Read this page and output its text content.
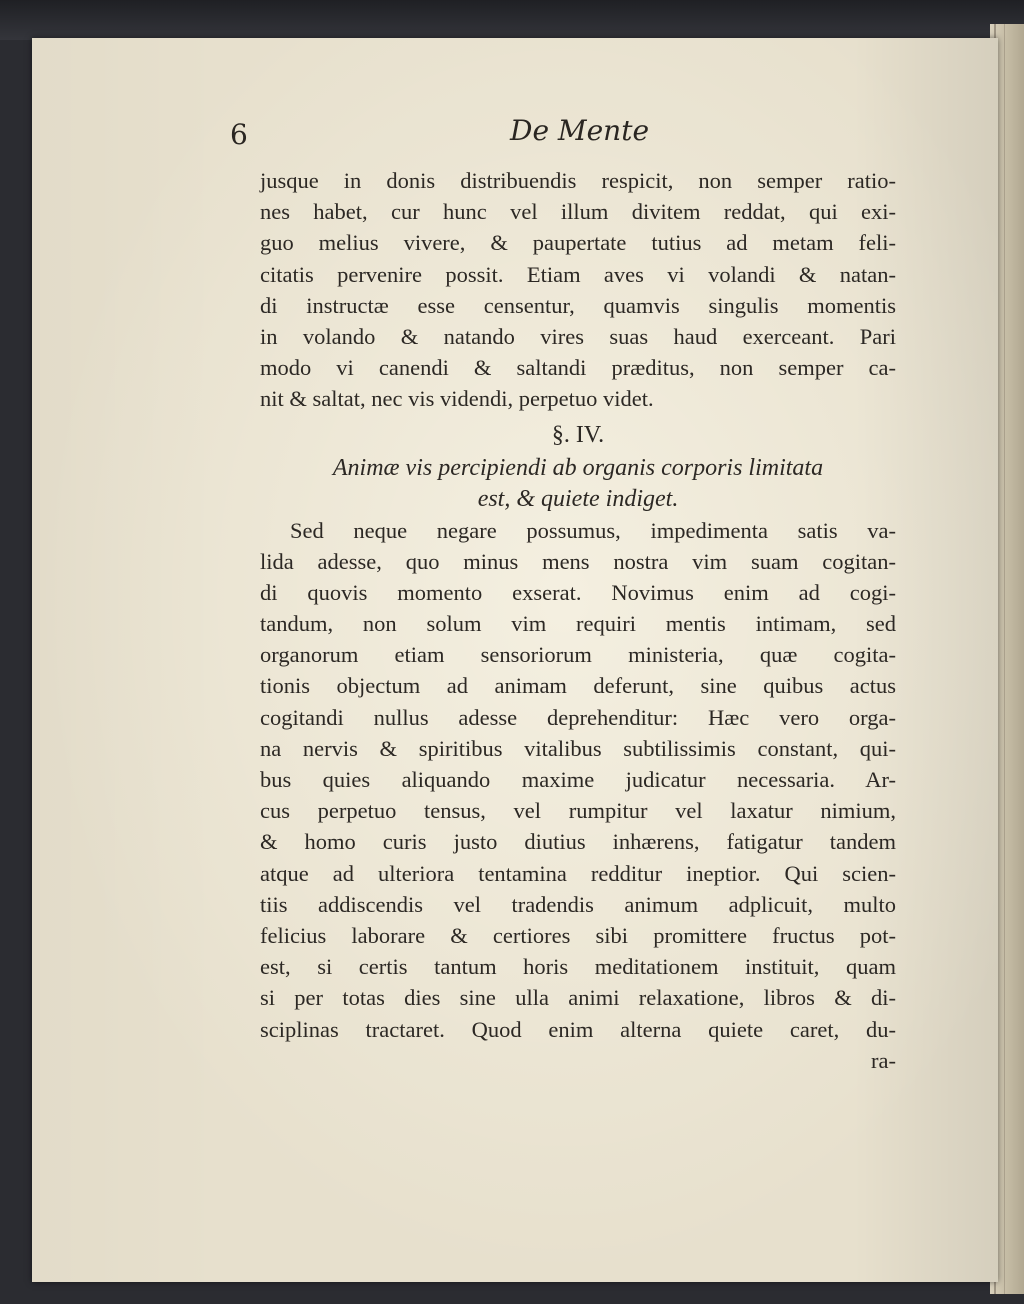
6	De Mente
jusque in donis distribuendis respicit, non semper ratio-
nes habet, cur hunc vel illum divitem reddat, qui exi-
guo melius vivere, & paupertate tutius ad metam feli-
citatis pervenire possit. Etiam aves vi volandi & natan-
di instructæ esse censentur, quamvis singulis momentis
in volando & natando vires suas haud exerceant. Pari
modo vi canendi & saltandi præditus, non semper ca-
nit & saltat, nec vis videndi, perpetuo videt.
§. IV.
Animæ vis percipiendi ab organis corporis limitata
est, & quiete indiget.
Sed neque negare possumus, impedimenta satis va-
lida adesse, quo minus mens nostra vim suam cogitan-
di quovis momento exserat. Novimus enim ad cogi-
tandum, non solum vim requiri mentis intimam, sed
organorum etiam sensoriorum ministeria, quæ cogita-
tionis objectum ad animam deferunt, sine quibus actus
cogitandi nullus adesse deprehenditur: Hæc vero orga-
na nervis & spiritibus vitalibus subtilissimis constant, qui-
bus quies aliquando maxime judicatur necessaria. Ar-
cus perpetuo tensus, vel rumpitur vel laxatur nimium,
& homo curis justo diutius inhærens, fatigatur tandem
atque ad ulteriora tentamina redditur ineptior. Qui scien-
tiis addiscendis vel tradendis animum adplicuit, multo
felicius laborare & certiores sibi promittere fructus pot-
est, si certis tantum horis meditationem instituit, quam
si per totas dies sine ulla animi relaxatione, libros & di-
sciplinas tractaret. Quod enim alterna quiete caret, du-
ra-
